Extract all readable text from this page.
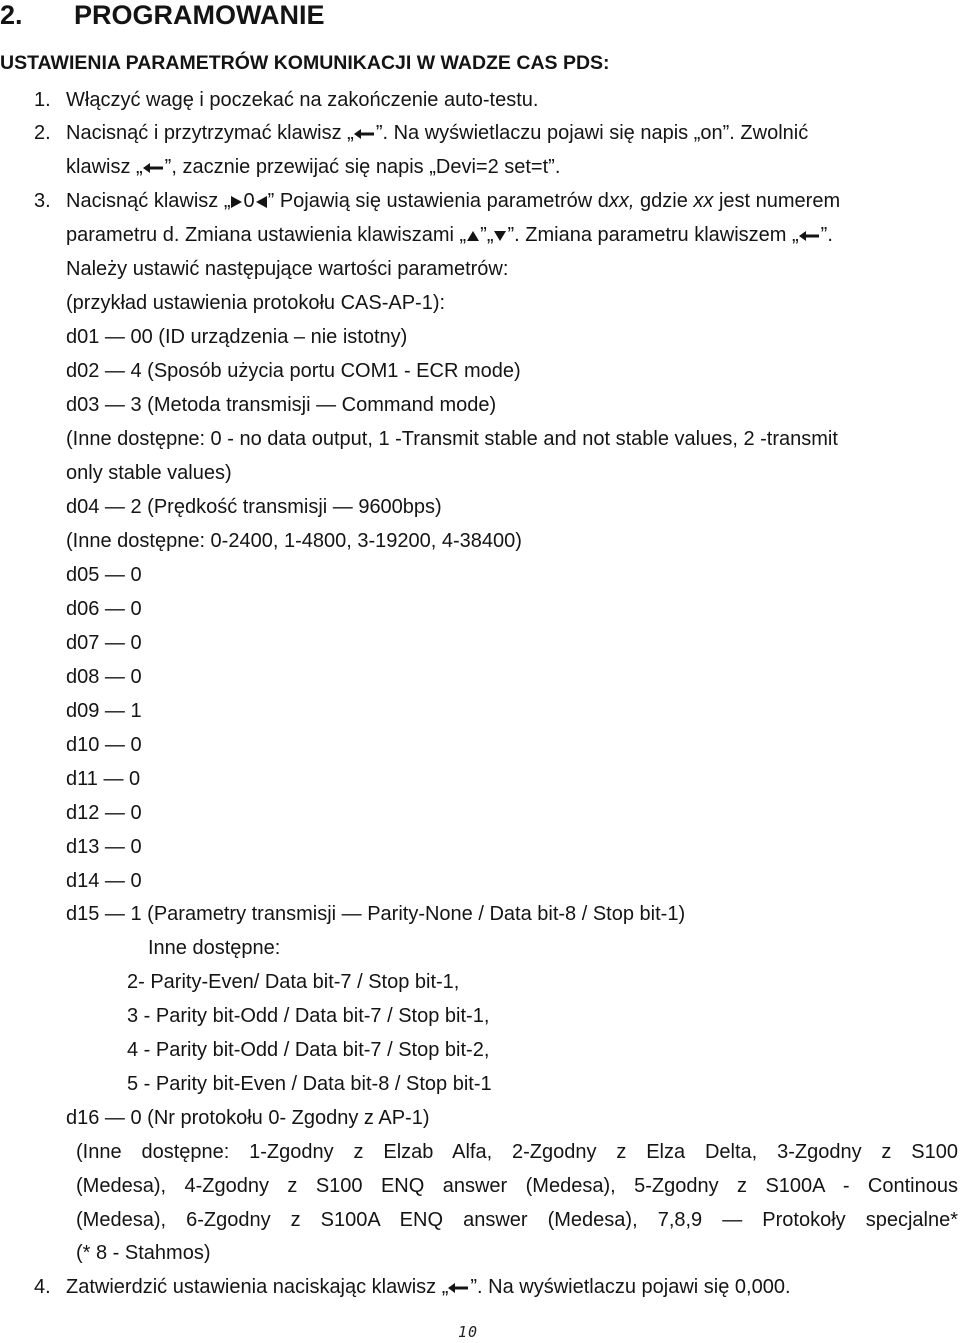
2. PROGRAMOWANIE
USTAWIENIA PARAMETRÓW KOMUNIKACJI W WADZE CAS PDS:
1. Włączyć wagę i poczekać na zakończenie auto-testu.
2. Nacisnąć i przytrzymać klawisz „ ”. Na wyświetlaczu pojawi się napis „on”. Zwolnić
klawisz „ ”, zacznie przewijać się napis „Devi=2 set=t”.
3. Nacisnąć klawisz „ 0 ” Pojawią się ustawienia parametrów dxx, gdzie xx jest numerem
parametru d. Zmiana ustawienia klawiszami „ ”„ ”. Zmiana parametru klawiszem „ ”.
Należy ustawić następujące wartości parametrów:
(przykład ustawienia protokołu CAS-AP-1):
d01 — 00 (ID urządzenia – nie istotny)
d02 — 4 (Sposób użycia portu COM1 - ECR mode)
d03 — 3 (Metoda transmisji — Command mode)
(Inne dostępne: 0 - no data output, 1 -Transmit stable and not stable values, 2 -transmit
only stable values)
d04 — 2 (Prędkość transmisji — 9600bps)
(Inne dostępne: 0-2400, 1-4800, 3-19200, 4-38400)
d05 — 0
d06 — 0
d07 — 0
d08 — 0
d09 — 1
d10 — 0
d11 — 0
d12 — 0
d13 — 0
d14 — 0
d15 — 1 (Parametry transmisji — Parity-None / Data bit-8 / Stop bit-1)
Inne dostępne:
2- Parity-Even/ Data bit-7 / Stop bit-1,
3 - Parity bit-Odd / Data bit-7 / Stop bit-1,
4 - Parity bit-Odd / Data bit-7 / Stop bit-2,
5 - Parity bit-Even / Data bit-8 / Stop bit-1
d16 — 0 (Nr protokołu 0- Zgodny z AP-1)
(Inne dostępne: 1-Zgodny z Elzab Alfa, 2-Zgodny z Elza Delta, 3-Zgodny z S100
(Medesa), 4-Zgodny z S100 ENQ answer (Medesa), 5-Zgodny z S100A - Continous
(Medesa), 6-Zgodny z S100A ENQ answer (Medesa), 7,8,9 — Protokoły specjalne*
(* 8 - Stahmos)
4. Zatwierdzić ustawienia naciskając klawisz „ ”. Na wyświetlaczu pojawi się 0,000.
10
